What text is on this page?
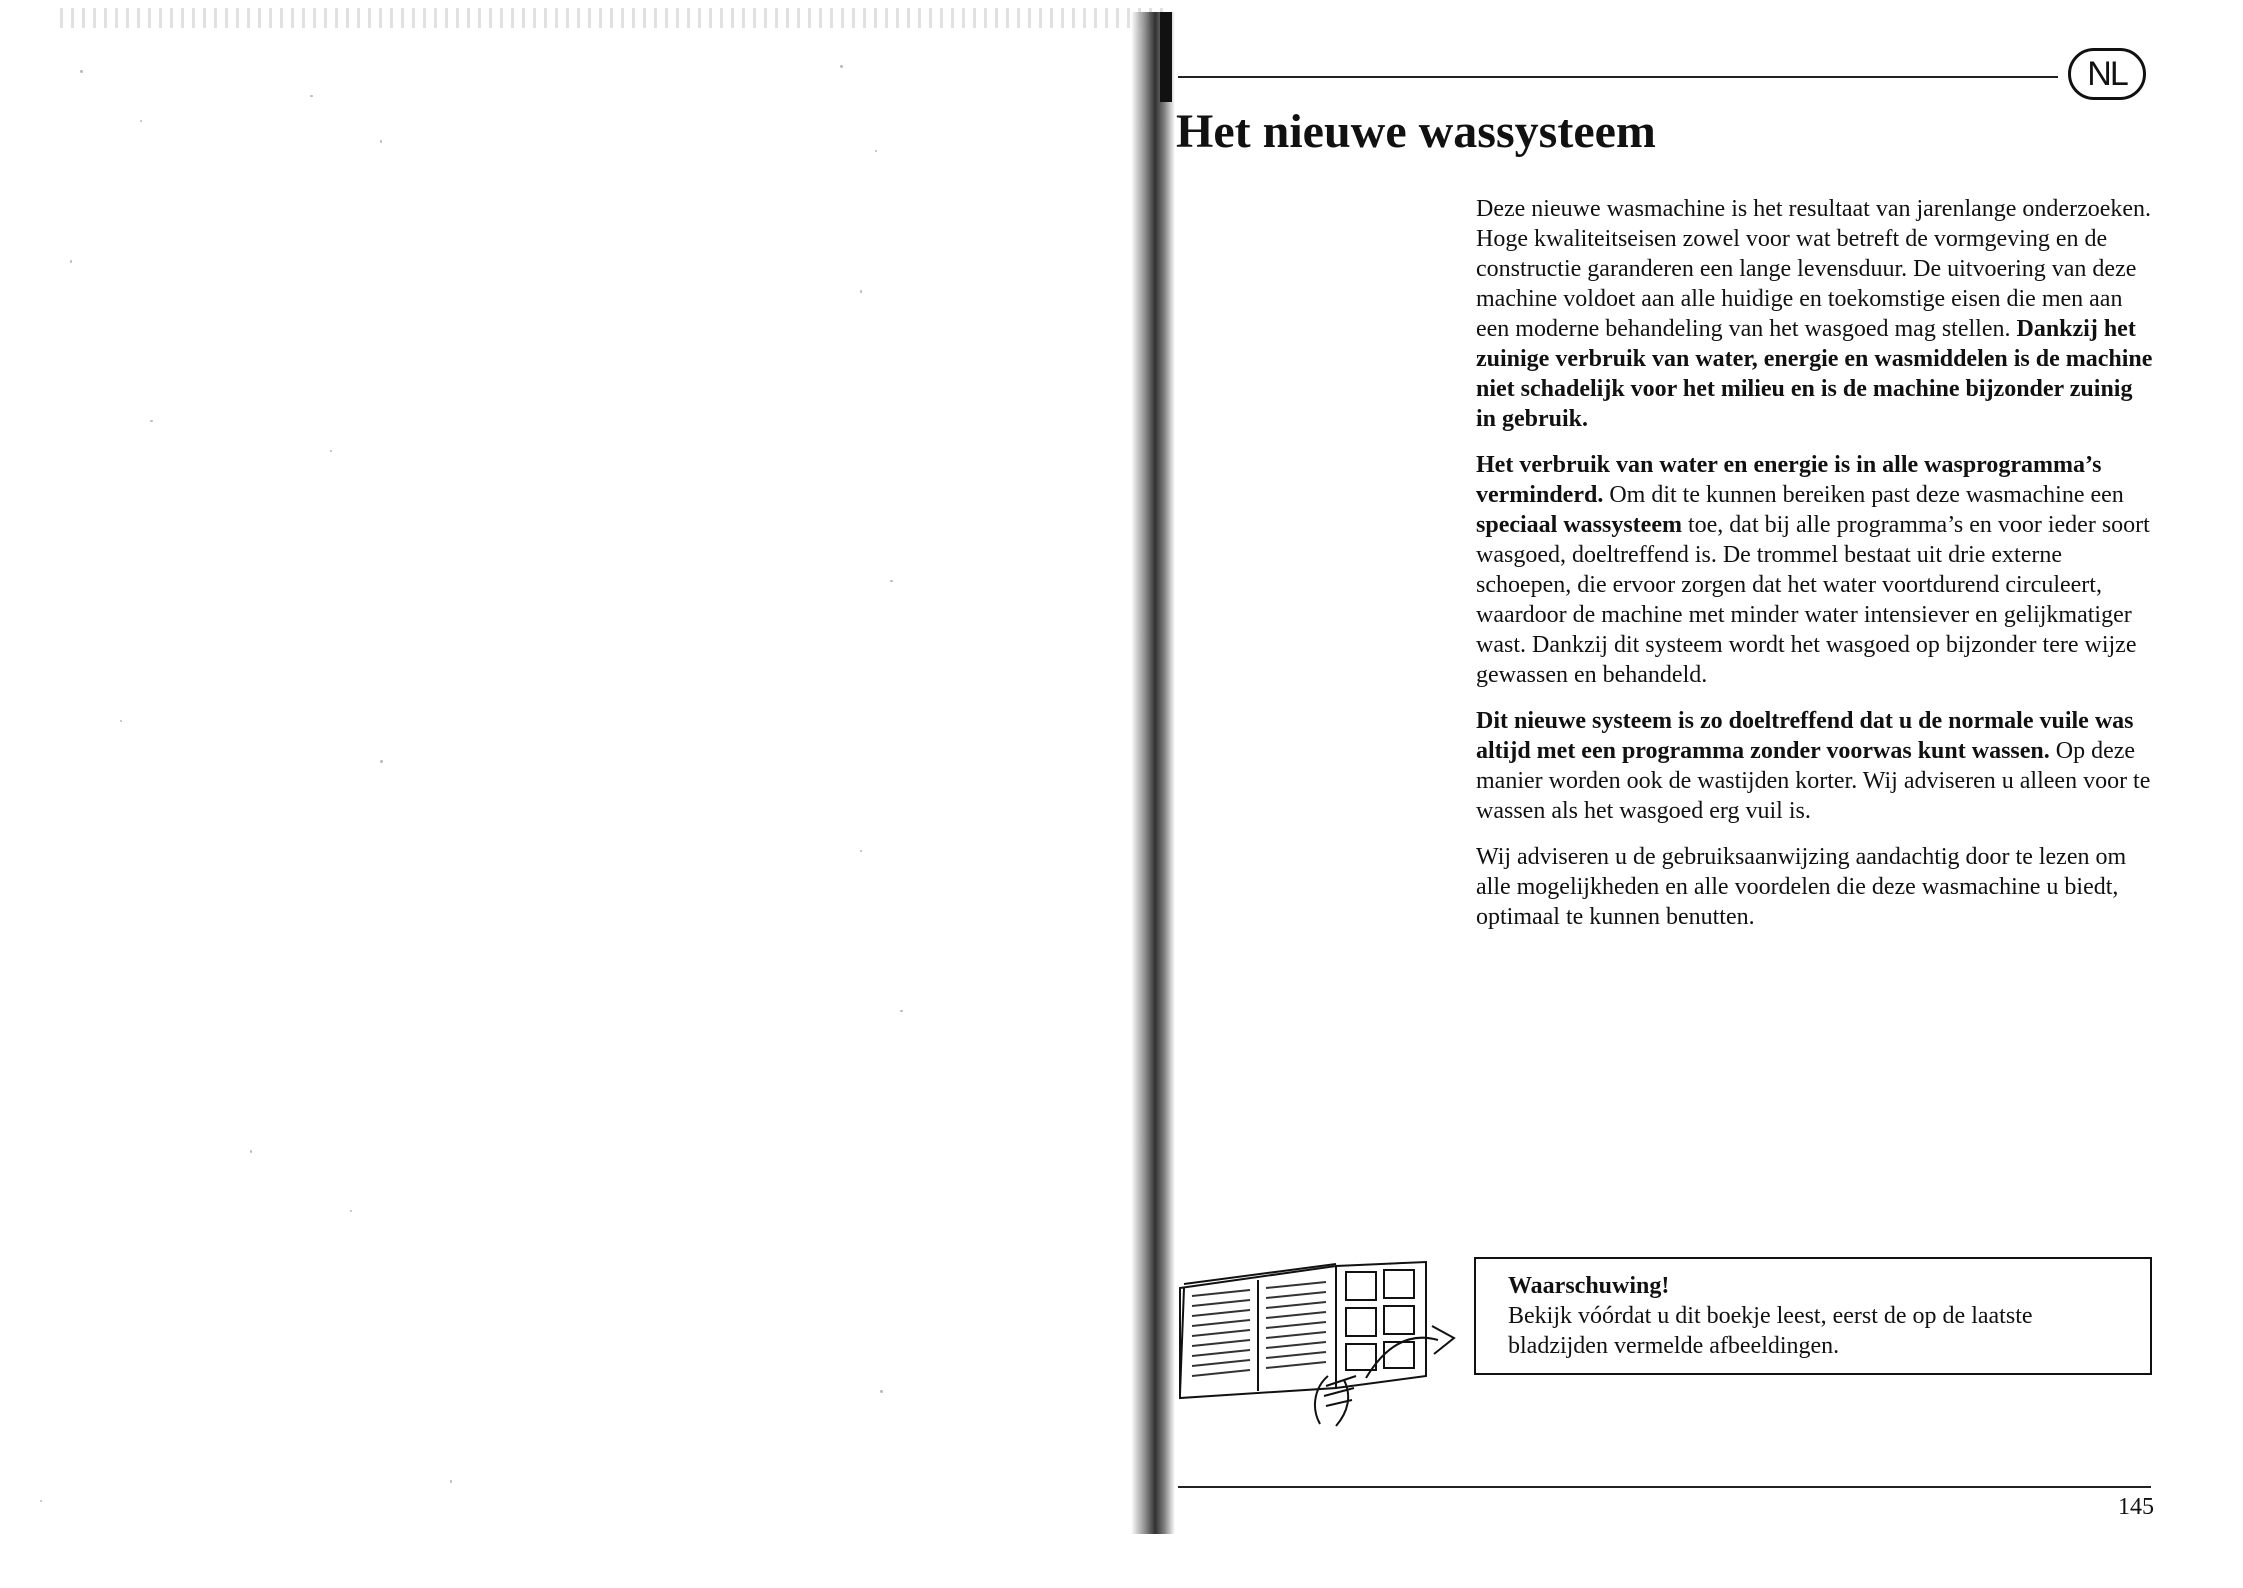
NL
Het nieuwe wassysteem

Deze nieuwe wasmachine is het resultaat van jarenlange onderzoeken. Hoge kwaliteitseisen zowel voor wat betreft de vormgeving en de constructie garanderen een lange levensduur. De uitvoering van deze machine voldoet aan alle huidige en toekomstige eisen die men aan een moderne behandeling van het wasgoed mag stellen. Dankzij het zuinige verbruik van water, energie en wasmiddelen is de machine niet schadelijk voor het milieu en is de machine bijzonder zuinig in gebruik.

Het verbruik van water en energie is in alle wasprogramma’s verminderd. Om dit te kunnen bereiken past deze wasmachine een speciaal wassysteem toe, dat bij alle programma’s en voor ieder soort wasgoed, doeltreffend is. De trommel bestaat uit drie externe schoepen, die ervoor zorgen dat het water voortdurend circuleert, waardoor de machine met minder water intensiever en gelijkmatiger wast. Dankzij dit systeem wordt het wasgoed op bijzonder tere wijze gewassen en behandeld.

Dit nieuwe systeem is zo doeltreffend dat u de normale vuile was altijd met een programma zonder voorwas kunt wassen. Op deze manier worden ook de wastijden korter. Wij adviseren u alleen voor te wassen als het wasgoed erg vuil is.

Wij adviseren u de gebruiksaanwijzing aandachtig door te lezen om alle mogelijkheden en alle voordelen die deze wasmachine u biedt, optimaal te kunnen benutten.

Waarschuwing!
Bekijk vóórdat u dit boekje leest, eerst de op de laatste bladzijden vermelde afbeeldingen.
145
